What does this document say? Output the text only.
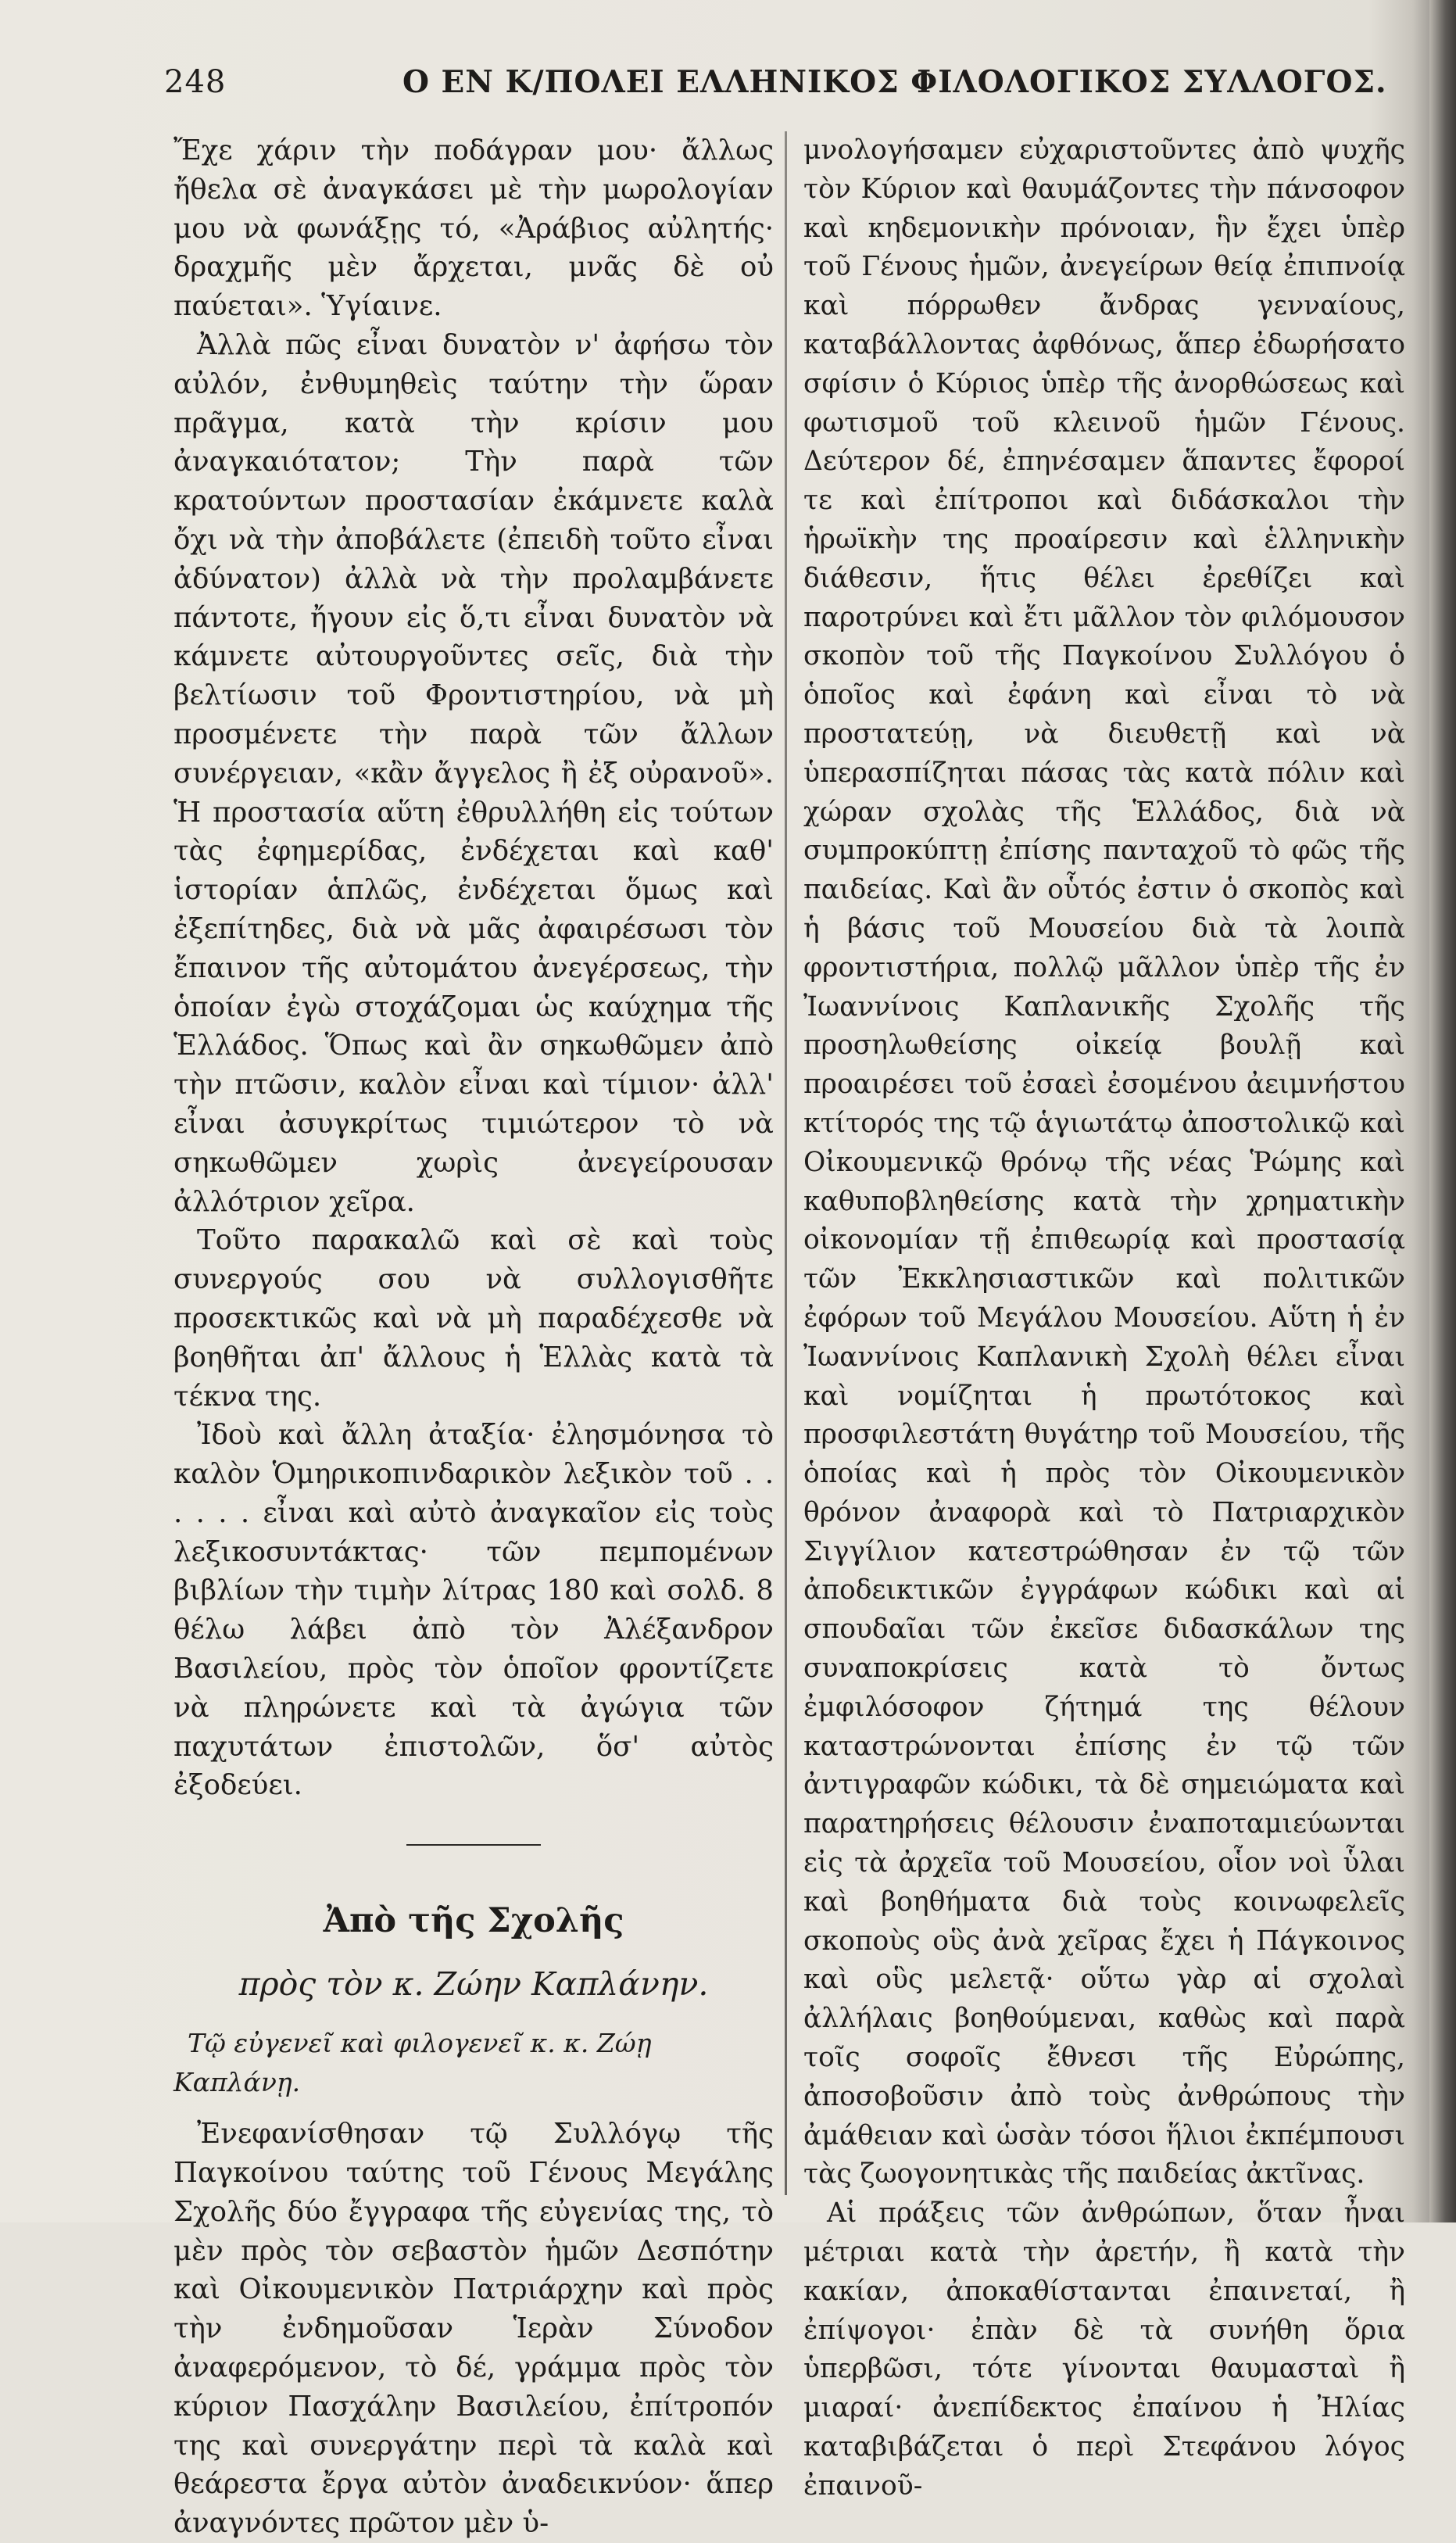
248	Ο ΕΝ Κ/ΠΟΛΕΙ ΕΛΛΗΝΙΚΟΣ ΦΙΛΟΛΟΓΙΚΟΣ ΣΥΛΛΟΓΟΣ.

Ἔχε χάριν τὴν ποδάγραν μου· ἄλλως ἤθελα σὲ ἀναγκάσει μὲ τὴν μωρολογίαν μου νὰ φωνάξῃς τό, «Ἀράβιος αὐλητής· δραχμῆς μὲν ἄρχεται, μνᾶς δὲ οὐ παύεται». Ὑγίαινε.

Ἀλλὰ πῶς εἶναι δυνατὸν ν' ἀφήσω τὸν αὐλόν, ἐνθυμηθεὶς ταύτην τὴν ὥραν πρᾶγμα, κατὰ τὴν κρίσιν μου ἀναγκαιότατον; Τὴν παρὰ τῶν κρατούντων προστασίαν ἐκάμνετε καλὰ ὄχι νὰ τὴν ἀποβάλετε (ἐπειδὴ τοῦτο εἶναι ἀδύνατον) ἀλλὰ νὰ τὴν προλαμβάνετε πάντοτε, ἤγουν εἰς ὅ,τι εἶναι δυνατὸν νὰ κάμνετε αὐτουργοῦντες σεῖς, διὰ τὴν βελτίωσιν τοῦ Φροντιστηρίου, νὰ μὴ προσμένετε τὴν παρὰ τῶν ἄλλων συνέργειαν, «κἂν ἄγγελος ἢ ἐξ οὐρανοῦ». Ἡ προστασία αὕτη ἐθρυλλήθη εἰς τούτων τὰς ἐφημερίδας, ἐνδέχεται καὶ καθ' ἱστορίαν ἁπλῶς, ἐνδέχεται ὅμως καὶ ἐξεπίτηδες, διὰ νὰ μᾶς ἀφαιρέσωσι τὸν ἔπαινον τῆς αὐτομάτου ἀνεγέρσεως, τὴν ὁποίαν ἐγὼ στοχάζομαι ὡς καύχημα τῆς Ἑλλάδος. Ὅπως καὶ ἂν σηκωθῶμεν ἀπὸ τὴν πτῶσιν, καλὸν εἶναι καὶ τίμιον· ἀλλ' εἶναι ἀσυγκρίτως τιμιώτερον τὸ νὰ σηκωθῶμεν χωρὶς ἀνεγείρουσαν ἀλλότριον χεῖρα.

Τοῦτο παρακαλῶ καὶ σὲ καὶ τοὺς συνεργούς σου νὰ συλλογισθῆτε προσεκτικῶς καὶ νὰ μὴ παραδέχεσθε νὰ βοηθῆται ἀπ' ἄλλους ἡ Ἑλλὰς κατὰ τὰ τέκνα της.

Ἰδοὺ καὶ ἄλλη ἀταξία· ἐλησμόνησα τὸ καλὸν Ὁμηρικοπινδαρικὸν λεξικὸν τοῦ . . . . . . εἶναι καὶ αὐτὸ ἀναγκαῖον εἰς τοὺς λεξικοσυντάκτας· τῶν πεμπομένων βιβλίων τὴν τιμὴν λίτρας 180 καὶ σολδ. 8 θέλω λάβει ἀπὸ τὸν Ἀλέξανδρον Βασιλείου, πρὸς τὸν ὁποῖον φροντίζετε νὰ πληρώνετε καὶ τὰ ἀγώγια τῶν παχυτάτων ἐπιστολῶν, ὅσ' αὐτὸς ἐξοδεύει.

Ἀπὸ τῆς Σχολῆς

πρὸς τὸν κ. Ζώην Καπλάνην.

Τῷ εὐγενεῖ καὶ φιλογενεῖ κ. κ. Ζώῃ Καπλάνῃ.

Ἐνεφανίσθησαν τῷ Συλλόγῳ τῆς Παγκοίνου ταύτης τοῦ Γένους Μεγάλης Σχολῆς δύο ἔγγραφα τῆς εὐγενίας της, τὸ μὲν πρὸς τὸν σεβαστὸν ἡμῶν Δεσπότην καὶ Οἰκουμενικὸν Πατριάρχην καὶ πρὸς τὴν ἐνδημοῦσαν Ἱερὰν Σύνοδον ἀναφερόμενον, τὸ δέ, γράμμα πρὸς τὸν κύριον Πασχάλην Βασιλείου, ἐπίτροπόν της καὶ συνεργάτην περὶ τὰ καλὰ καὶ θεάρεστα ἔργα αὐτὸν ἀναδεικνύον· ἅπερ ἀναγνόντες πρῶτον μὲν ὑ-

μνολογήσαμεν εὐχαριστοῦντες ἀπὸ ψυχῆς τὸν Κύριον καὶ θαυμάζοντες τὴν πάνσοφον καὶ κηδεμονικὴν πρόνοιαν, ἣν ἔχει ὑπὲρ τοῦ Γένους ἡμῶν, ἀνεγείρων θείᾳ ἐπιπνοίᾳ καὶ πόρρωθεν ἄνδρας γενναίους, καταβάλλοντας ἀφθόνως, ἅπερ ἐδωρήσατο σφίσιν ὁ Κύριος ὑπὲρ τῆς ἀνορθώσεως καὶ φωτισμοῦ τοῦ κλεινοῦ ἡμῶν Γένους. Δεύτερον δέ, ἐπηνέσαμεν ἅπαντες ἔφοροί τε καὶ ἐπίτροποι καὶ διδάσκαλοι τὴν ἡρωϊκὴν της προαίρεσιν καὶ ἑλληνικὴν διάθεσιν, ἥτις θέλει ἐρεθίζει καὶ παροτρύνει καὶ ἔτι μᾶλλον τὸν φιλόμουσον σκοπὸν τοῦ τῆς Παγκοίνου Συλλόγου ὁ ὁποῖος καὶ ἐφάνη καὶ εἶναι τὸ νὰ προστατεύῃ, νὰ διευθετῇ καὶ νὰ ὑπερασπίζηται πάσας τὰς κατὰ πόλιν καὶ χώραν σχολὰς τῆς Ἑλλάδος, διὰ νὰ συμπροκύπτῃ ἐπίσης πανταχοῦ τὸ φῶς τῆς παιδείας. Καὶ ἂν οὗτός ἐστιν ὁ σκοπὸς καὶ ἡ βάσις τοῦ Μουσείου διὰ τὰ λοιπὰ φροντιστήρια, πολλῷ μᾶλλον ὑπὲρ τῆς ἐν Ἰωαννίνοις Καπλανικῆς Σχολῆς τῆς προσηλωθείσης οἰκείᾳ βουλῇ καὶ προαιρέσει τοῦ ἐσαεὶ ἐσομένου ἀειμνήστου κτίτορός της τῷ ἁγιωτάτῳ ἀποστολικῷ καὶ Οἰκουμενικῷ θρόνῳ τῆς νέας Ῥώμης καὶ καθυποβληθείσης κατὰ τὴν χρηματικὴν οἰκονομίαν τῇ ἐπιθεωρίᾳ καὶ προστασίᾳ τῶν Ἐκκλησιαστικῶν καὶ πολιτικῶν ἐφόρων τοῦ Μεγάλου Μουσείου. Αὕτη ἡ ἐν Ἰωαννίνοις Καπλανικὴ Σχολὴ θέλει εἶναι καὶ νομίζηται ἡ πρωτότοκος καὶ προσφιλεστάτη θυγάτηρ τοῦ Μουσείου, τῆς ὁποίας καὶ ἡ πρὸς τὸν Οἰκουμενικὸν θρόνον ἀναφορὰ καὶ τὸ Πατριαρχικὸν Σιγγίλιον κατεστρώθησαν ἐν τῷ τῶν ἀποδεικτικῶν ἐγγράφων κώδικι καὶ αἱ σπουδαῖαι τῶν ἐκεῖσε διδασκάλων της συναποκρίσεις κατὰ τὸ ὄντως ἐμφιλόσοφον ζήτημά της θέλουν καταστρώνονται ἐπίσης ἐν τῷ τῶν ἀντιγραφῶν κώδικι, τὰ δὲ σημειώματα καὶ παρατηρήσεις θέλουσιν ἐναποταμιεύωνται εἰς τὰ ἀρχεῖα τοῦ Μουσείου, οἷον νοὶ ὗλαι καὶ βοηθήματα διὰ τοὺς κοινωφελεῖς σκοποὺς οὓς ἀνὰ χεῖρας ἔχει ἡ Πάγκοινος καὶ οὓς μελετᾷ· οὕτω γὰρ αἱ σχολαὶ ἀλλήλαις βοηθούμεναι, καθὼς καὶ παρὰ τοῖς σοφοῖς ἔθνεσι τῆς Εὐρώπης, ἀποσοβοῦσιν ἀπὸ τοὺς ἀνθρώπους τὴν ἀμάθειαν καὶ ὡσὰν τόσοι ἥλιοι ἐκπέμπουσι τὰς ζωογονητικὰς τῆς παιδείας ἀκτῖνας.

Αἱ πράξεις τῶν ἀνθρώπων, ὅταν ἦναι μέτριαι κατὰ τὴν ἀρετήν, ἢ κατὰ τὴν κακίαν, ἀποκαθίστανται ἐπαινεταί, ἢ ἐπίψογοι· ἐπὰν δὲ τὰ συνήθη ὅρια ὑπερβῶσι, τότε γίνονται θαυμασταὶ ἢ μιαραί· ἀνεπίδεκτος ἐπαίνου ἡ Ἠλίας καταβιβάζεται ὁ περὶ Στεφάνου λόγος ἐπαινοῦ-
